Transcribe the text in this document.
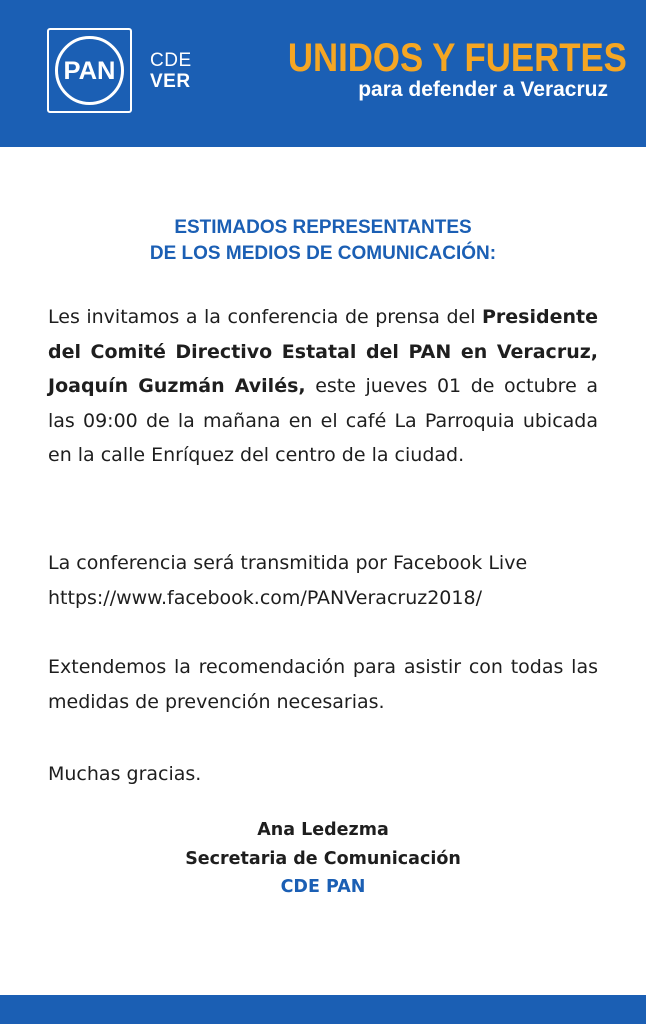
PAN CDE
VER
UNIDOS Y FUERTES
para defender a Veracruz
ESTIMADOS REPRESENTANTES
DE LOS MEDIOS DE COMUNICACIÓN:

Les invitamos a la conferencia de prensa del Presidente del Comité Directivo Estatal del PAN en Veracruz, Joaquín Guzmán Avilés, este jueves 01 de octubre a las 09:00 de la mañana en el café La Parroquia ubicada en la calle Enríquez del centro de la ciudad.

La conferencia será transmitida por Facebook Live
https://www.facebook.com/PANVeracruz2018/

Extendemos la recomendación para asistir con todas las medidas de prevención necesarias.

Muchas gracias.

Ana Ledezma
Secretaria de Comunicación
CDE PAN
